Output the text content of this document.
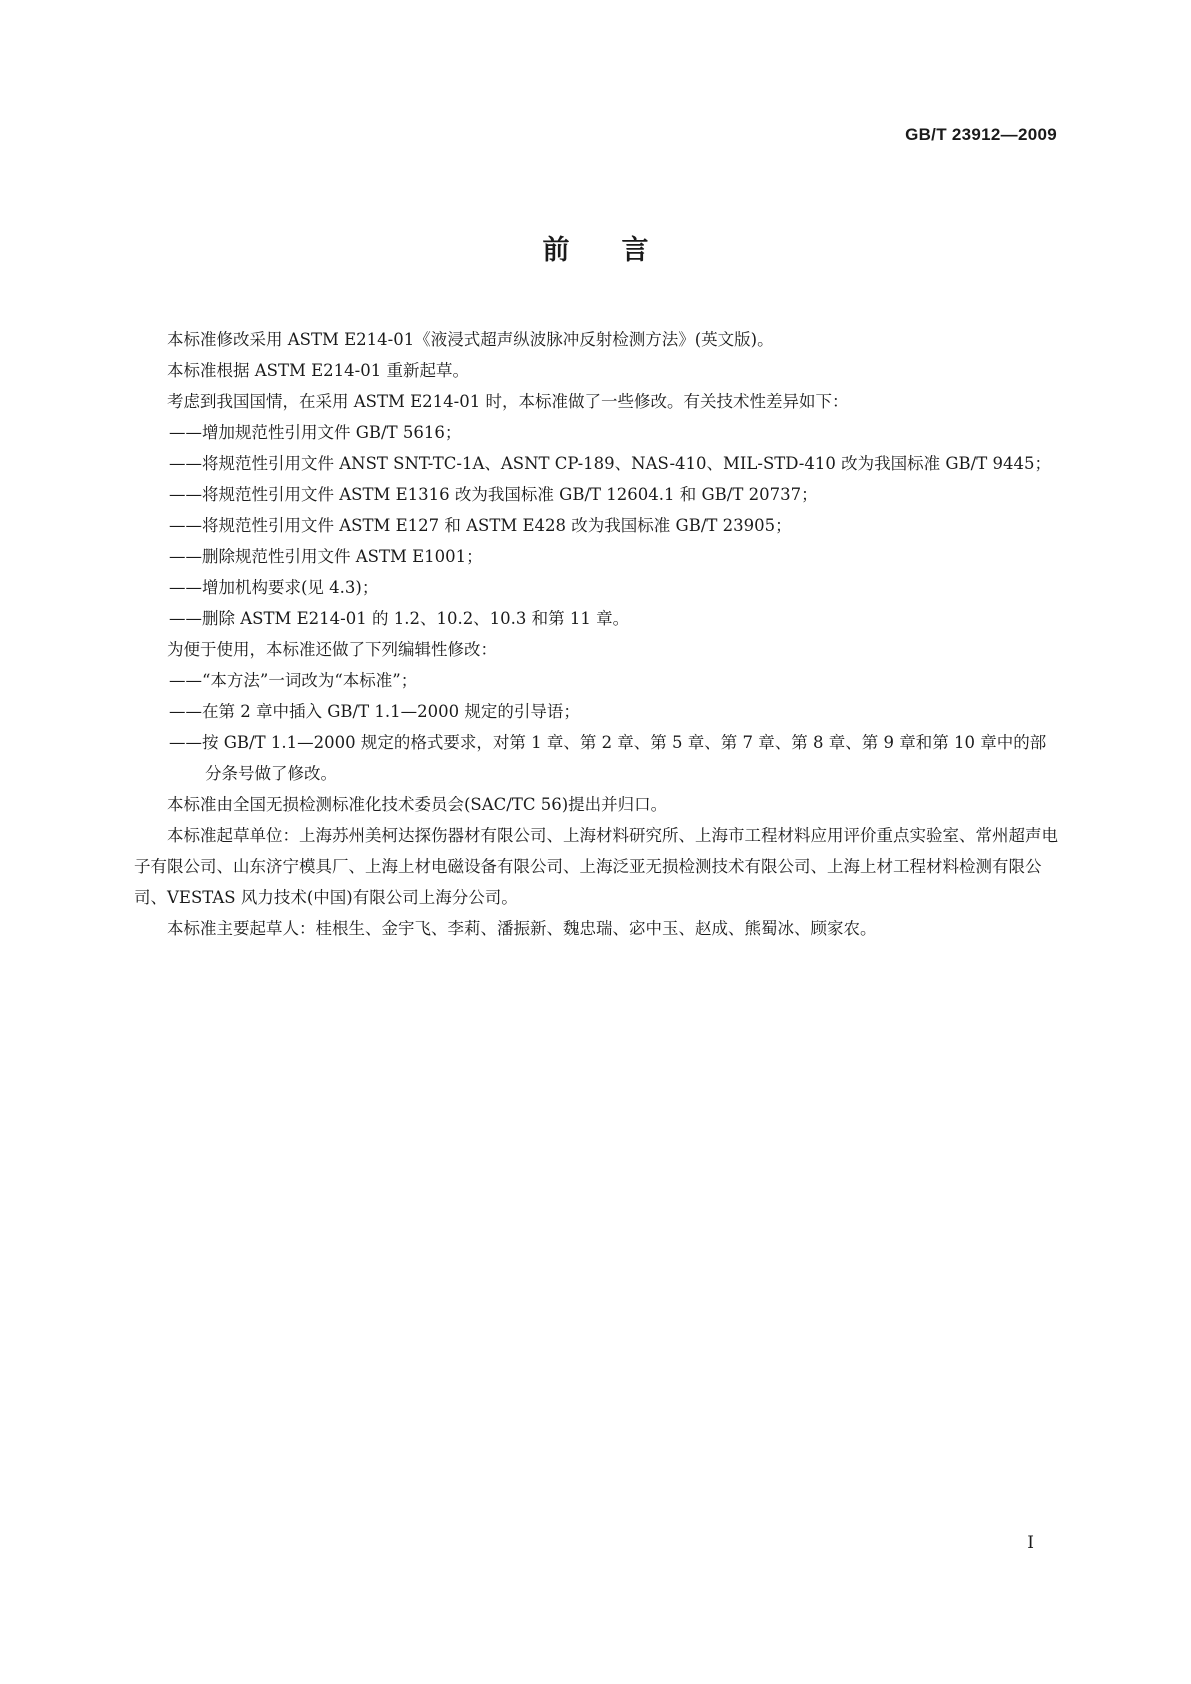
GB/T 23912—2009
前言

本标准修改采用 ASTM E214-01《液浸式超声纵波脉冲反射检测方法》(英文版)。

本标准根据 ASTM E214-01 重新起草。

考虑到我国国情，在采用 ASTM E214-01 时，本标准做了一些修改。有关技术性差异如下：

——增加规范性引用文件 GB/T 5616；

——将规范性引用文件 ANST SNT-TC-1A、ASNT CP-189、NAS-410、MIL-STD-410 改为我国标准 GB/T 9445；

——将规范性引用文件 ASTM E1316 改为我国标准 GB/T 12604.1 和 GB/T 20737；

——将规范性引用文件 ASTM E127 和 ASTM E428 改为我国标准 GB/T 23905；

——删除规范性引用文件 ASTM E1001；

——增加机构要求(见 4.3)；

——删除 ASTM E214-01 的 1.2、10.2、10.3 和第 11 章。

为便于使用，本标准还做了下列编辑性修改：

——“本方法”一词改为“本标准”；

——在第 2 章中插入 GB/T 1.1—2000 规定的引导语；

——按 GB/T 1.1—2000 规定的格式要求，对第 1 章、第 2 章、第 5 章、第 7 章、第 8 章、第 9 章和第 10 章中的部分条号做了修改。

本标准由全国无损检测标准化技术委员会(SAC/TC 56)提出并归口。

本标准起草单位：上海苏州美柯达探伤器材有限公司、上海材料研究所、上海市工程材料应用评价重点实验室、常州超声电子有限公司、山东济宁模具厂、上海上材电磁设备有限公司、上海泛亚无损检测技术有限公司、上海上材工程材料检测有限公司、VESTAS 风力技术(中国)有限公司上海分公司。

本标准主要起草人：桂根生、金宇飞、李莉、潘振新、魏忠瑞、宓中玉、赵成、熊蜀冰、顾家农。

I
